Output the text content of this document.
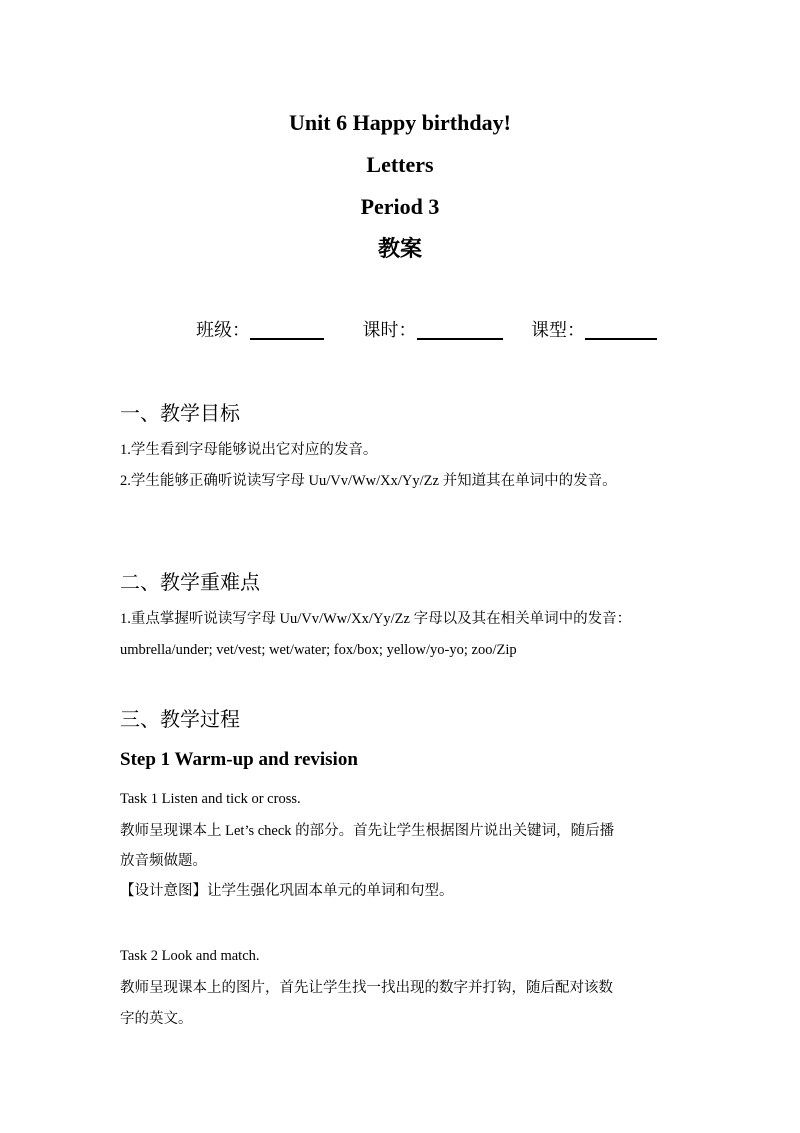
Unit 6 Happy birthday!
Letters
Period 3
教案
班级：	课时：	课型：
一、教学目标
1.学生看到字母能够说出它对应的发音。
2.学生能够正确听说读写字母 Uu/Vv/Ww/Xx/Yy/Zz 并知道其在单词中的发音。
二、教学重难点
1.重点掌握听说读写字母 Uu/Vv/Ww/Xx/Yy/Zz 字母以及其在相关单词中的发音：
umbrella/under; vet/vest; wet/water; fox/box; yellow/yo-yo; zoo/Zip
三、教学过程
Step 1 Warm-up and revision
Task 1 Listen and tick or cross.
教师呈现课本上 Let’s check 的部分。首先让学生根据图片说出关键词，随后播
放音频做题。
【设计意图】让学生强化巩固本单元的单词和句型。
Task 2 Look and match.
教师呈现课本上的图片，首先让学生找一找出现的数字并打钩，随后配对该数
字的英文。
